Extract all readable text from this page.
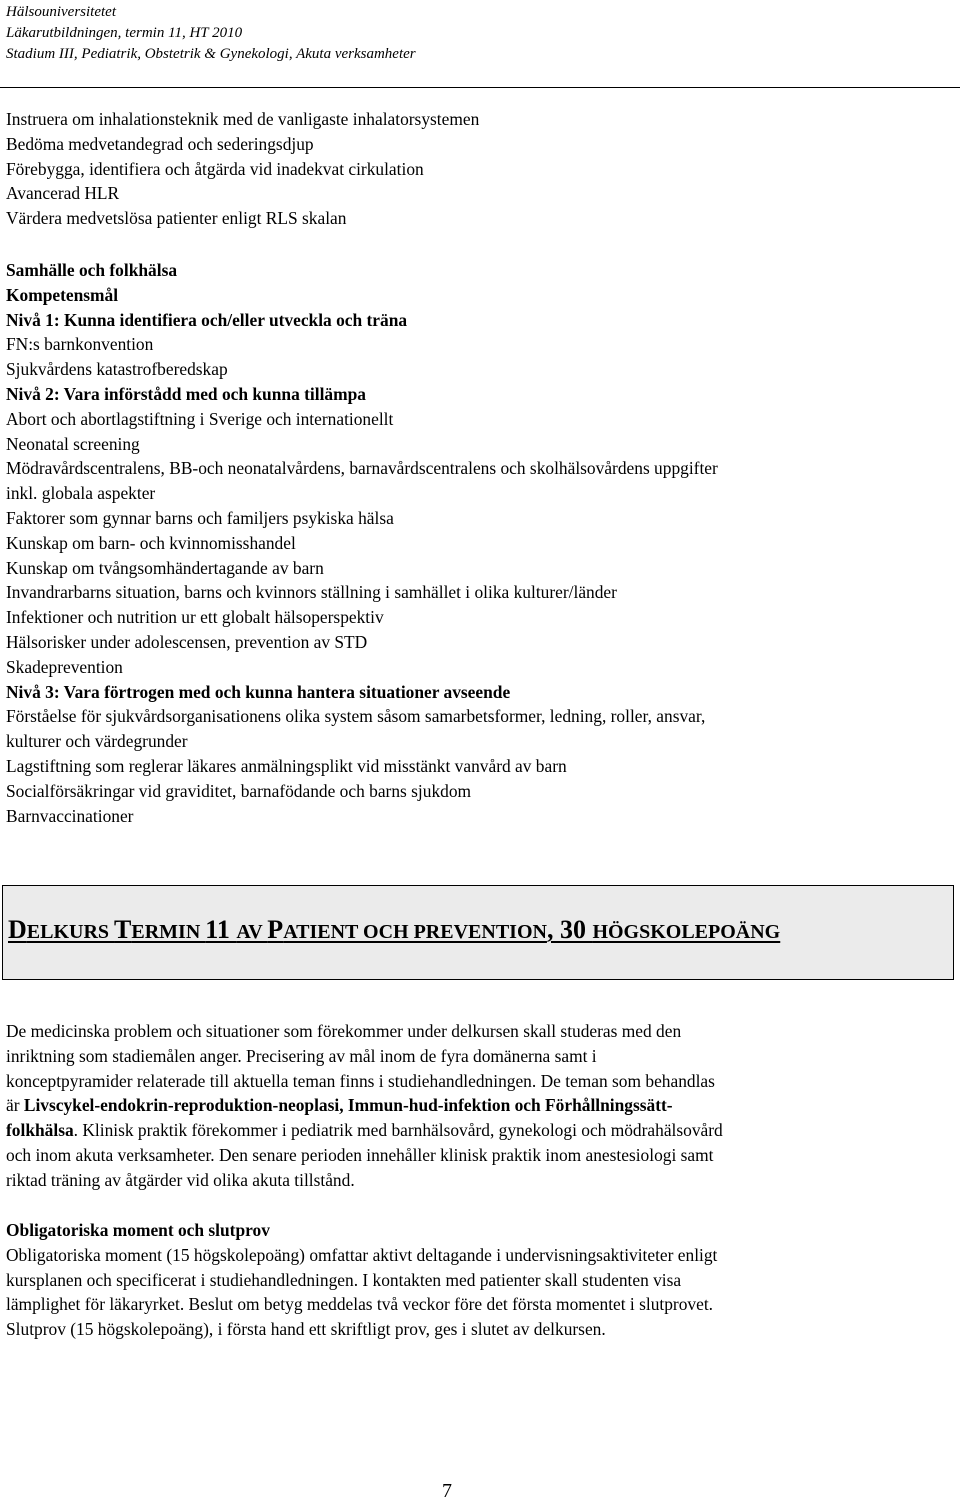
Hälsouniversitetet
Läkarutbildningen, termin 11, HT 2010
Stadium III, Pediatrik, Obstetrik & Gynekologi, Akuta verksamheter
Instruera om inhalationsteknik med de vanligaste inhalatorsystemen
Bedöma medvetandegrad och sederingsdjup
Förebygga, identifiera och åtgärda vid inadekvat cirkulation
Avancerad HLR
Värdera medvetslösa patienter enligt RLS skalan
Samhälle och folkhälsa
Kompetensmål
Nivå 1: Kunna identifiera och/eller utveckla och träna
FN:s barnkonvention
Sjukvårdens katastrofberedskap
Nivå 2: Vara införstådd med och kunna tillämpa
Abort och abortlagstiftning i Sverige och internationellt
Neonatal screening
Mödravårdscentralens, BB-och neonatalvårdens, barnavårdscentralens och skolhälsovårdens uppgifter
inkl. globala aspekter
Faktorer som gynnar barns och familjers psykiska hälsa
Kunskap om barn- och kvinnomisshandel
Kunskap om tvångsomhändertagande av barn
Invandrarbarns situation, barns och kvinnors ställning i samhället i olika kulturer/länder
Infektioner och nutrition ur ett globalt hälsoperspektiv
Hälsorisker under adolescensen, prevention av STD
Skadeprevention
Nivå 3: Vara förtrogen med och kunna hantera situationer avseende
Förståelse för sjukvårdsorganisationens olika system såsom samarbetsformer, ledning, roller, ansvar,
kulturer och värdegrunder
Lagstiftning som reglerar läkares anmälningsplikt vid misstänkt vanvård av barn
Socialförsäkringar vid graviditet, barnafödande och barns sjukdom
Barnvaccinationer
DELKURS TERMIN 11 AV PATIENT OCH PREVENTION, 30 HÖGSKOLEPOÄNG
De medicinska problem och situationer som förekommer under delkursen skall studeras med den
inriktning som stadiemålen anger. Precisering av mål inom de fyra domänerna samt i
konceptpyramider relaterade till aktuella teman finns i studiehandledningen. De teman som behandlas
är Livscykel-endokrin-reproduktion-neoplasi, Immun-hud-infektion och Förhållningssätt-
folkhälsa. Klinisk praktik förekommer i pediatrik med barnhälsovård, gynekologi och mödrahälsovård
och inom akuta verksamheter. Den senare perioden innehåller klinisk praktik inom anestesiologi samt
riktad träning av åtgärder vid olika akuta tillstånd.
Obligatoriska moment och slutprov
Obligatoriska moment (15 högskolepoäng) omfattar aktivt deltagande i undervisningsaktiviteter enligt
kursplanen och specificerat i studiehandledningen. I kontakten med patienter skall studenten visa
lämplighet för läkaryrket. Beslut om betyg meddelas två veckor före det första momentet i slutprovet.
Slutprov (15 högskolepoäng), i första hand ett skriftligt prov, ges i slutet av delkursen.
7
